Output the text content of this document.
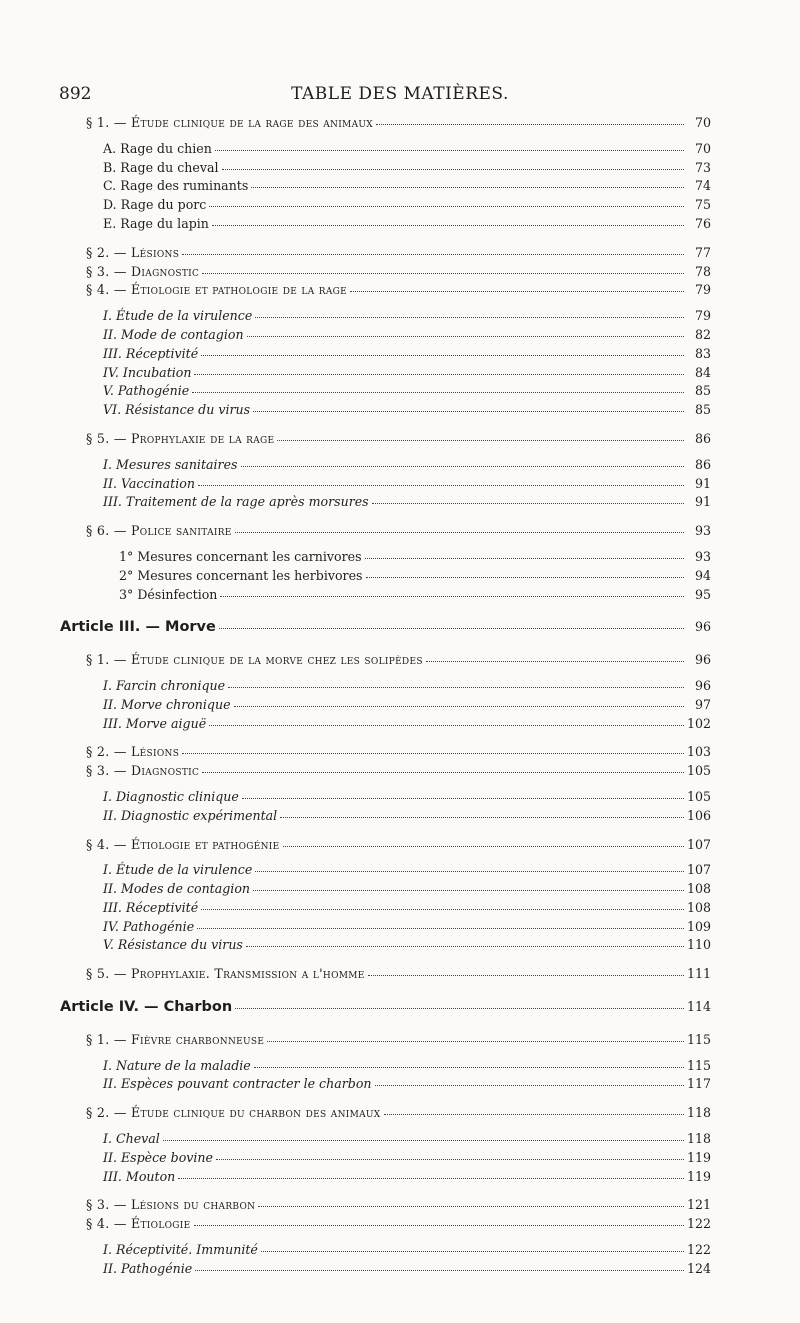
892	TABLE DES MATIÈRES.
§ 1. — Étude clinique de la rage des animaux	70
A. Rage du chien	70
B. Rage du cheval	73
C. Rage des ruminants	74
D. Rage du porc	75
E. Rage du lapin	76
§ 2. — Lésions	77
§ 3. — Diagnostic	78
§ 4. — Étiologie et pathologie de la rage	79
I. Étude de la virulence	79
II. Mode de contagion	82
III. Réceptivité	83
IV. Incubation	84
V. Pathogénie	85
VI. Résistance du virus	85
§ 5. — Prophylaxie de la rage	86
I. Mesures sanitaires	86
II. Vaccination	91
III. Traitement de la rage après morsures	91
§ 6. — Police sanitaire	93
1° Mesures concernant les carnivores	93
2° Mesures concernant les herbivores	94
3° Désinfection	95
Article III. — Morve	96
§ 1. — Étude clinique de la morve chez les solipèdes	96
I. Farcin chronique	96
II. Morve chronique	97
III. Morve aiguë	102
§ 2. — Lésions	103
§ 3. — Diagnostic	105
I. Diagnostic clinique	105
II. Diagnostic expérimental	106
§ 4. — Étiologie et pathogénie	107
I. Étude de la virulence	107
II. Modes de contagion	108
III. Réceptivité	108
IV. Pathogénie	109
V. Résistance du virus	110
§ 5. — Prophylaxie. Transmission a l'homme	111
Article IV. — Charbon	114
§ 1. — Fièvre charbonneuse	115
I. Nature de la maladie	115
II. Espèces pouvant contracter le charbon	117
§ 2. — Étude clinique du charbon des animaux	118
I. Cheval	118
II. Espèce bovine	119
III. Mouton	119
§ 3. — Lésions du charbon	121
§ 4. — Étiologie	122
I. Réceptivité. Immunité	122
II. Pathogénie	124
